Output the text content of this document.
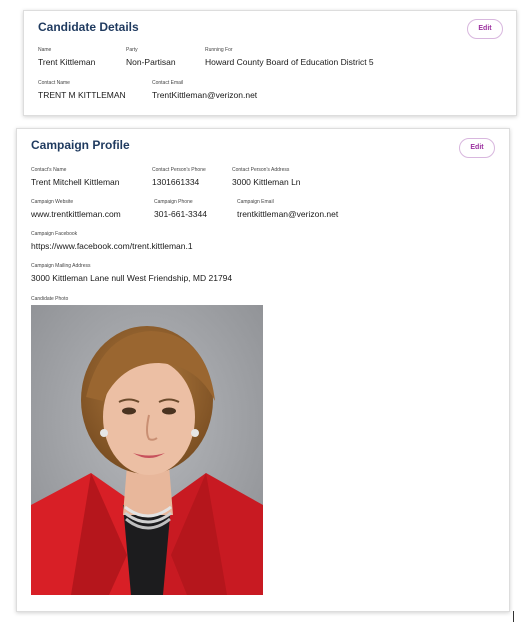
Candidate Details	Edit
Name
Trent Kittleman
Party
Non-Partisan
Running For
Howard County Board of Education District 5
Contact Name
TRENT M KITTLEMAN
Contact Email
TrentKittleman@verizon.net
Campaign Profile	Edit
Contact's Name
Trent Mitchell Kittleman
Contact Person's Phone
1301661334
Contact Person's Address
3000 Kittleman Ln
Campaign Website
www.trentkittleman.com
Campaign Phone
301-661-3344
Campaign Email
trentkittleman@verizon.net
Campaign Facebook
https://www.facebook.com/trent.kittleman.1
Campaign Mailing Address
3000 Kittleman Lane null West Friendship, MD 21794
Candidate Photo
